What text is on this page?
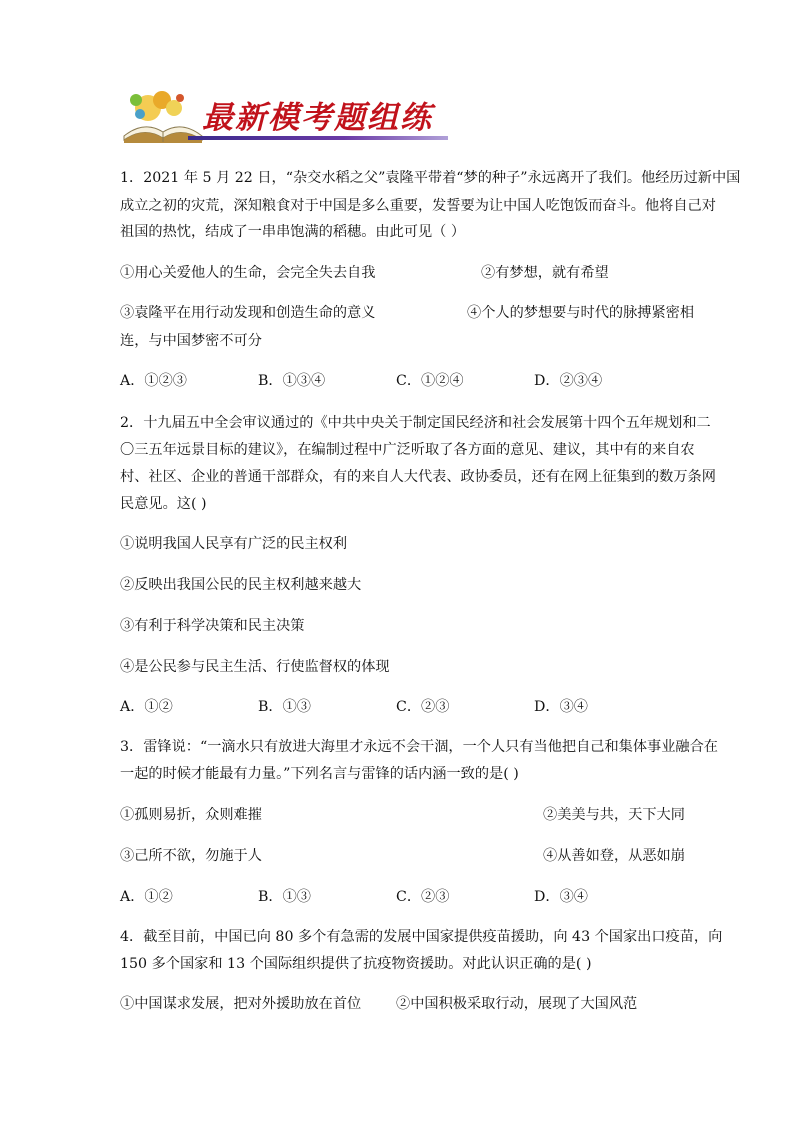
最新模考题组练
1．2021 年 5 月 22 日，“杂交水稻之父”袁隆平带着“梦的种子”永远离开了我们。他经历过新中国
成立之初的灾荒，深知粮食对于中国是多么重要，发誓要为让中国人吃饱饭而奋斗。他将自己对
祖国的热忱，结成了一串串饱满的稻穗。由此可见（ ）
①用心关爱他人的生命，会完全失去自我	②有梦想，就有希望
③袁隆平在用行动发现和创造生命的意义	④个人的梦想要与时代的脉搏紧密相
连，与中国梦密不可分
A．①②③	B．①③④	C．①②④	D．②③④
2．十九届五中全会审议通过的《中共中央关于制定国民经济和社会发展第十四个五年规划和二
〇三五年远景目标的建议》，在编制过程中广泛听取了各方面的意见、建议，其中有的来自农
村、社区、企业的普通干部群众，有的来自人大代表、政协委员，还有在网上征集到的数万条网
民意见。这( )
①说明我国人民享有广泛的民主权利
②反映出我国公民的民主权利越来越大
③有利于科学决策和民主决策
④是公民参与民主生活、行使监督权的体现
A．①②	B．①③	C．②③	D．③④
3．雷锋说：“一滴水只有放进大海里才永远不会干涸，一个人只有当他把自己和集体事业融合在
一起的时候才能最有力量。”下列名言与雷锋的话内涵一致的是( )
①孤则易折，众则难摧	②美美与共，天下大同
③己所不欲，勿施于人	④从善如登，从恶如崩
A．①②	B．①③	C．②③	D．③④
4．截至目前，中国已向 80 多个有急需的发展中国家提供疫苗援助，向 43 个国家出口疫苗，向
150 多个国家和 13 个国际组织提供了抗疫物资援助。对此认识正确的是( )
①中国谋求发展，把对外援助放在首位 ②中国积极采取行动，展现了大国风范
